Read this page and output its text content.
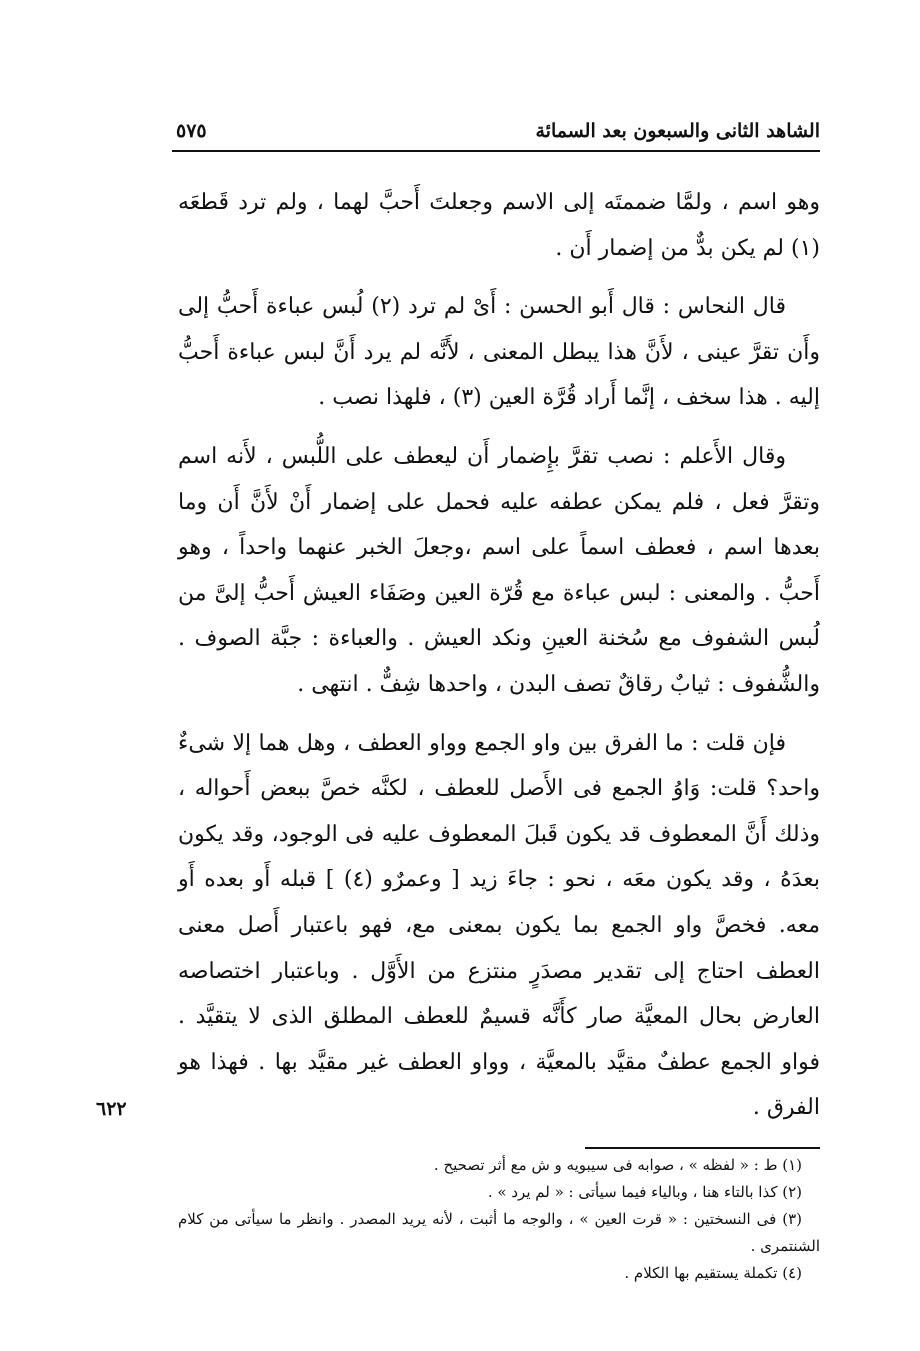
الشاهد الثانى والسبعون بعد السمائة
٥٧٥

وهو اسم ، ولمَّا ضممتَه إلى الاسم وجعلتَ أَحبَّ لهما ، ولم ترد قَطعَه (١) لم يكن بدٌّ من إضمار أَن .

قال النحاس : قال أَبو الحسن : أَىْ لم ترد (٢) لُبس عباءة أَحبُّ إلى وأَن تقرَّ عينى ، لأَنَّ هذا يبطل المعنى ، لأَنَّه لم يرد أَنَّ لبس عباءة أَحبُّ إليه . هذا سخف ، إنَّما أَراد قُرَّة العين (٣) ، فلهذا نصب .

وقال الأَعلم : نصب تقرَّ بإِضمار أَن ليعطف على اللُّبس ، لأَنه اسم وتقرَّ فعل ، فلم يمكن عطفه عليه فحمل على إضمار أَنْ لأَنَّ أَن وما بعدها اسم ، فعطف اسماً على اسم ،وجعلَ الخبر عنهما واحداً ، وهو أَحبُّ . والمعنى : لبس عباءة مع قُرّة العين وصَفَاء العيش أَحبُّ إلىَّ من لُبس الشفوف مع سُخنة العينِ ونكد العيش . والعباءة : جبَّة الصوف . والشُّفوف : ثيابٌ رقاقٌ تصف البدن ، واحدها شِفٌّ . انتهى .

فإن قلت : ما الفرق بين واو الجمع وواو العطف ، وهل هما إلا شىءٌ واحد؟ قلت: وَاوُ الجمع فى الأَصل للعطف ، لكنَّه خصَّ ببعض أَحواله ، وذلك أَنَّ المعطوف قد يكون قَبلَ المعطوف عليه فى الوجود، وقد يكون بعدَهُ ، وقد يكون معَه ، نحو : جاءَ زيد [ وعمرٌو (٤) ] قبله أَو بعده أَو معه. فخصَّ واو الجمع بما يكون بمعنى مع، فهو باعتبار أَصل معنى العطف احتاج إلى تقدير مصدَرٍ منتزع من الأَوَّل . وباعتبار اختصاصه العارض بحال المعيَّة صار كأَنَّه قسيمٌ للعطف المطلق الذى لا يتقيَّد . فواو الجمع عطفٌ مقيَّد بالمعيَّة ، وواو العطف غير مقيَّد بها . فهذا هو الفرق .

٦٢٢

(١) ط : « لفظه » ، صوابه فى سيبويه و ش مع أثر تصحيح .

(٢) كذا بالتاء هنا ، وبالياء فيما سيأتى : « لم يرد » .

(٣) فى النسختين : « قرت العين » ، والوجه ما أثبت ، لأنه يريد المصدر . وانظر ما سيأتى من كلام الشنتمرى .

(٤) تكملة يستقيم بها الكلام .
